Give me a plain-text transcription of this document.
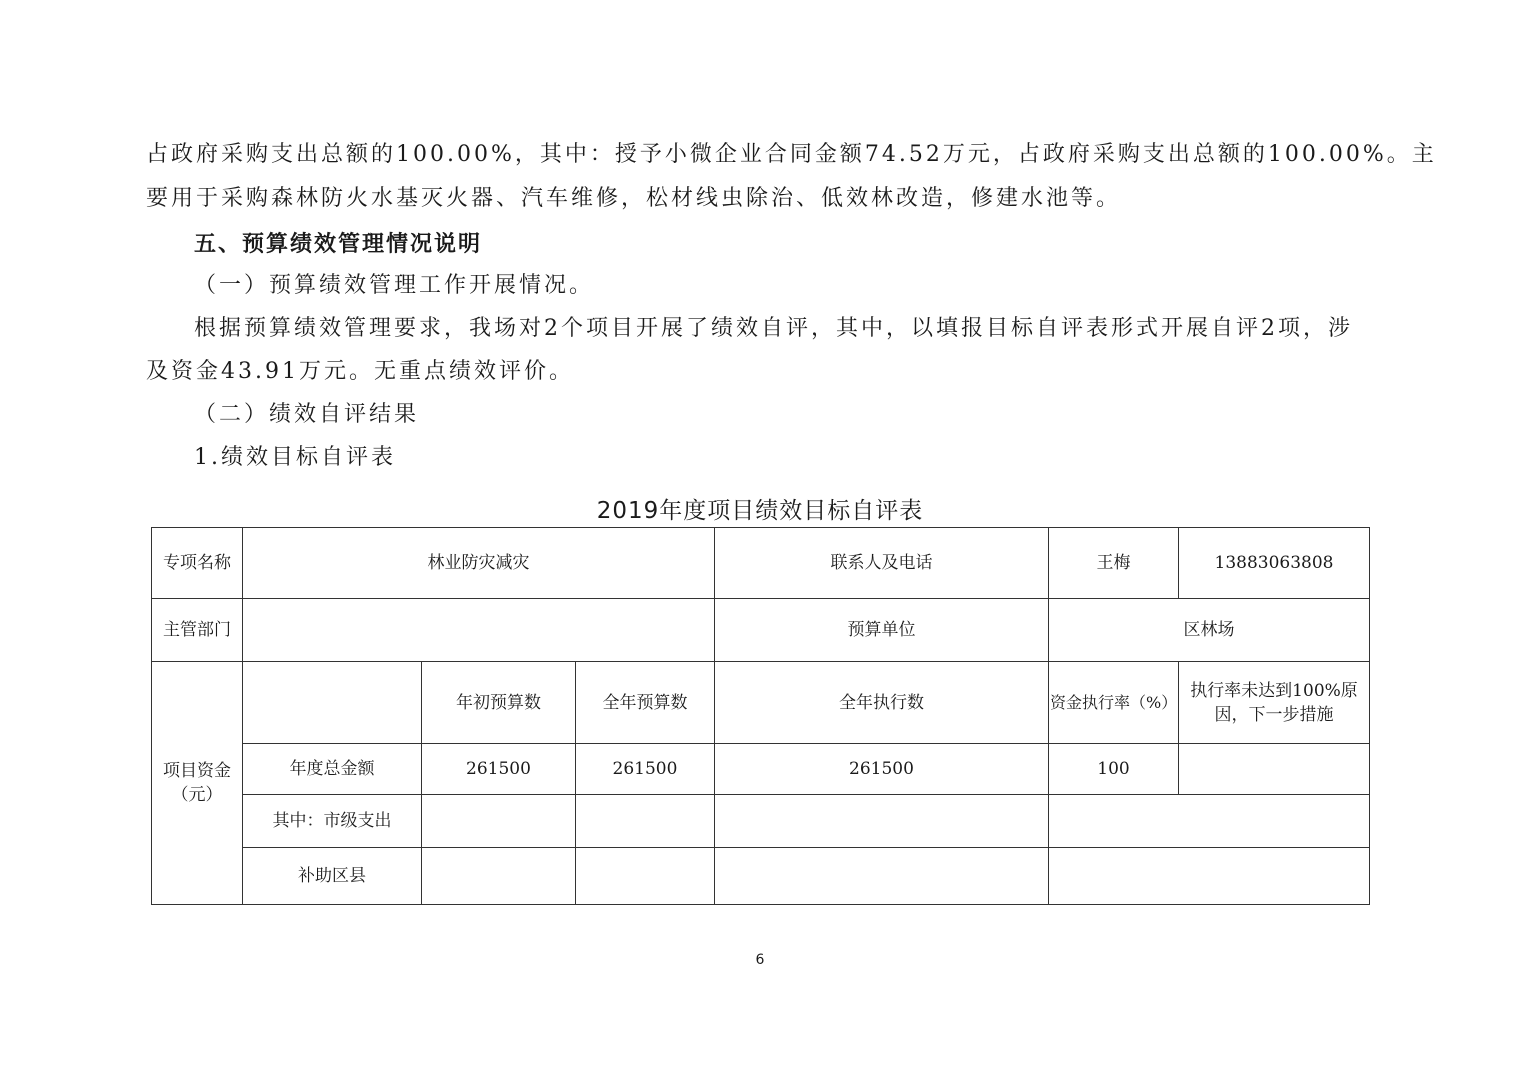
占政府采购支出总额的100.00%，其中：授予小微企业合同金额74.52万元，占政府采购支出总额的100.00%。主
要用于采购森林防火水基灭火器、汽车维修，松材线虫除治、低效林改造，修建水池等。
五、预算绩效管理情况说明
（一）预算绩效管理工作开展情况。
根据预算绩效管理要求，我场对2个项目开展了绩效自评，其中，以填报目标自评表形式开展自评2项，涉
及资金43.91万元。无重点绩效评价。
（二）绩效自评结果
1.绩效目标自评表
2019年度项目绩效目标自评表
专项名称	林业防灾减灾			联系人及电话	王梅	13883063808
主管部门				预算单位	区林场	
项目资金（元）		年初预算数	全年预算数	全年执行数	资金执行率（%）	执行率未达到100%原因，下一步措施
	年度总金额	261500	261500	261500	100	
	其中：市级支出					
	补助区县					
6
